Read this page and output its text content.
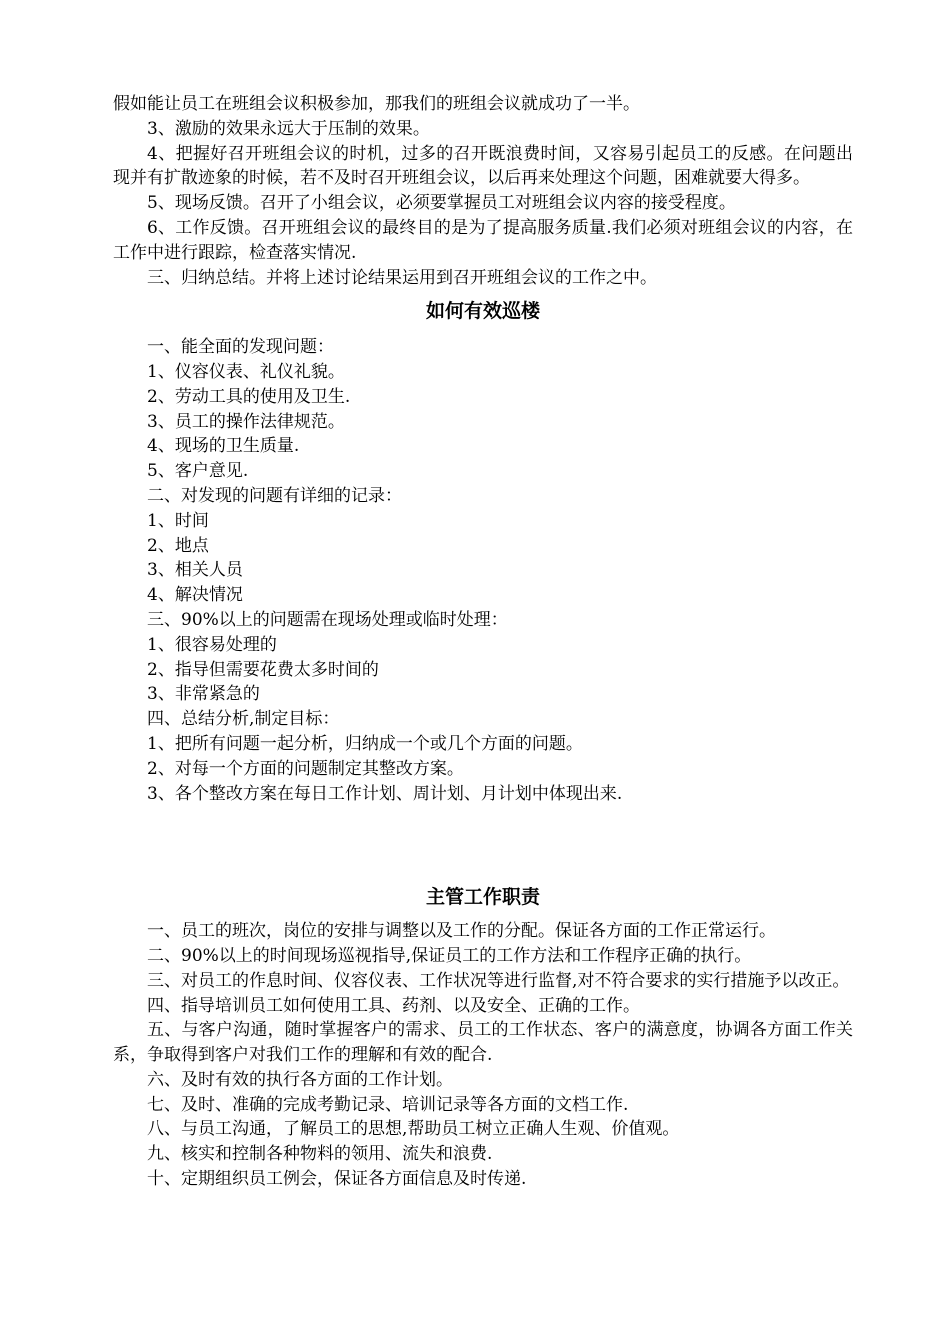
假如能让员工在班组会议积极参加，那我们的班组会议就成功了一半。

3、激励的效果永远大于压制的效果。

4、把握好召开班组会议的时机，过多的召开既浪费时间，又容易引起员工的反感。在问题出现并有扩散迹象的时候，若不及时召开班组会议，以后再来处理这个问题，困难就要大得多。

5、现场反馈。召开了小组会议，必须要掌握员工对班组会议内容的接受程度。

6、工作反馈。召开班组会议的最终目的是为了提高服务质量.我们必须对班组会议的内容，在工作中进行跟踪，检查落实情况.

三、归纳总结。并将上述讨论结果运用到召开班组会议的工作之中。

如何有效巡楼

一、能全面的发现问题：

1、仪容仪表、礼仪礼貌。

2、劳动工具的使用及卫生.

3、员工的操作法律规范。

4、现场的卫生质量.

5、客户意见.

二、对发现的问题有详细的记录：

1、时间

2、地点

3、相关人员

4、解决情况

三、90%以上的问题需在现场处理或临时处理：

1、很容易处理的

2、指导但需要花费太多时间的

3、非常紧急的

四、总结分析,制定目标：

1、把所有问题一起分析，归纳成一个或几个方面的问题。

2、对每一个方面的问题制定其整改方案。

3、各个整改方案在每日工作计划、周计划、月计划中体现出来.

主管工作职责

一、员工的班次，岗位的安排与调整以及工作的分配。保证各方面的工作正常运行。

二、90%以上的时间现场巡视指导,保证员工的工作方法和工作程序正确的执行。

三、对员工的作息时间、仪容仪表、工作状况等进行监督,对不符合要求的实行措施予以改正。

四、指导培训员工如何使用工具、药剂、以及安全、正确的工作。

五、与客户沟通，随时掌握客户的需求、员工的工作状态、客户的满意度，协调各方面工作关系，争取得到客户对我们工作的理解和有效的配合.

六、及时有效的执行各方面的工作计划。

七、及时、准确的完成考勤记录、培训记录等各方面的文档工作.

八、与员工沟通，了解员工的思想,帮助员工树立正确人生观、价值观。

九、核实和控制各种物料的领用、流失和浪费.

十、定期组织员工例会，保证各方面信息及时传递.
